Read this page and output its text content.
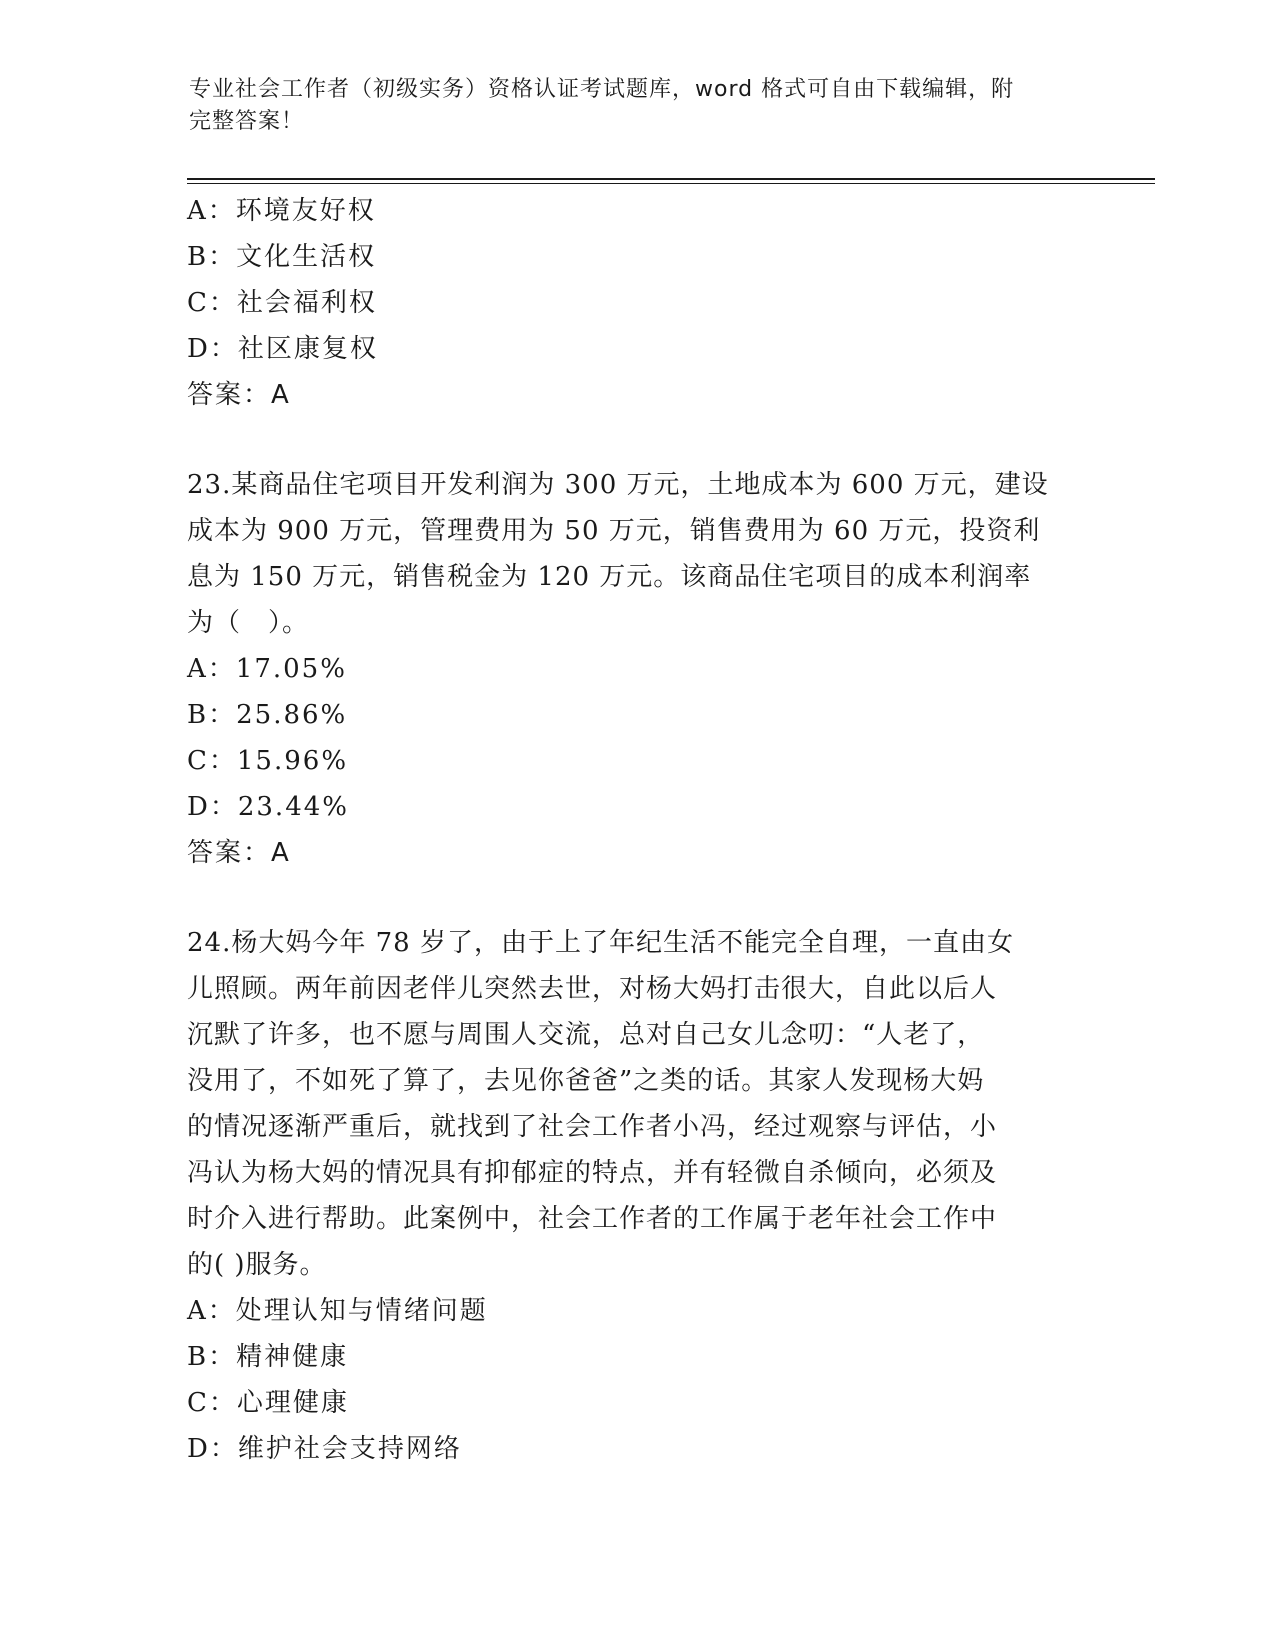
专业社会工作者（初级实务）资格认证考试题库，word 格式可自由下载编辑，附
完整答案！
A：环境友好权
B：文化生活权
C：社会福利权
D：社区康复权
答案：A
23.某商品住宅项目开发利润为 300 万元，土地成本为 600 万元，建设
成本为 900 万元，管理费用为 50 万元，销售费用为 60 万元，投资利
息为 150 万元，销售税金为 120 万元。该商品住宅项目的成本利润率
为（　）。
A：17.05%
B：25.86%
C：15.96%
D：23.44%
答案：A
24.杨大妈今年 78 岁了，由于上了年纪生活不能完全自理，一直由女
儿照顾。两年前因老伴儿突然去世，对杨大妈打击很大，自此以后人
沉默了许多，也不愿与周围人交流，总对自己女儿念叨：“人老了，
没用了，不如死了算了，去见你爸爸”之类的话。其家人发现杨大妈
的情况逐渐严重后，就找到了社会工作者小冯，经过观察与评估，小
冯认为杨大妈的情况具有抑郁症的特点，并有轻微自杀倾向，必须及
时介入进行帮助。此案例中，社会工作者的工作属于老年社会工作中
的( )服务。
A：处理认知与情绪问题
B：精神健康
C：心理健康
D：维护社会支持网络
